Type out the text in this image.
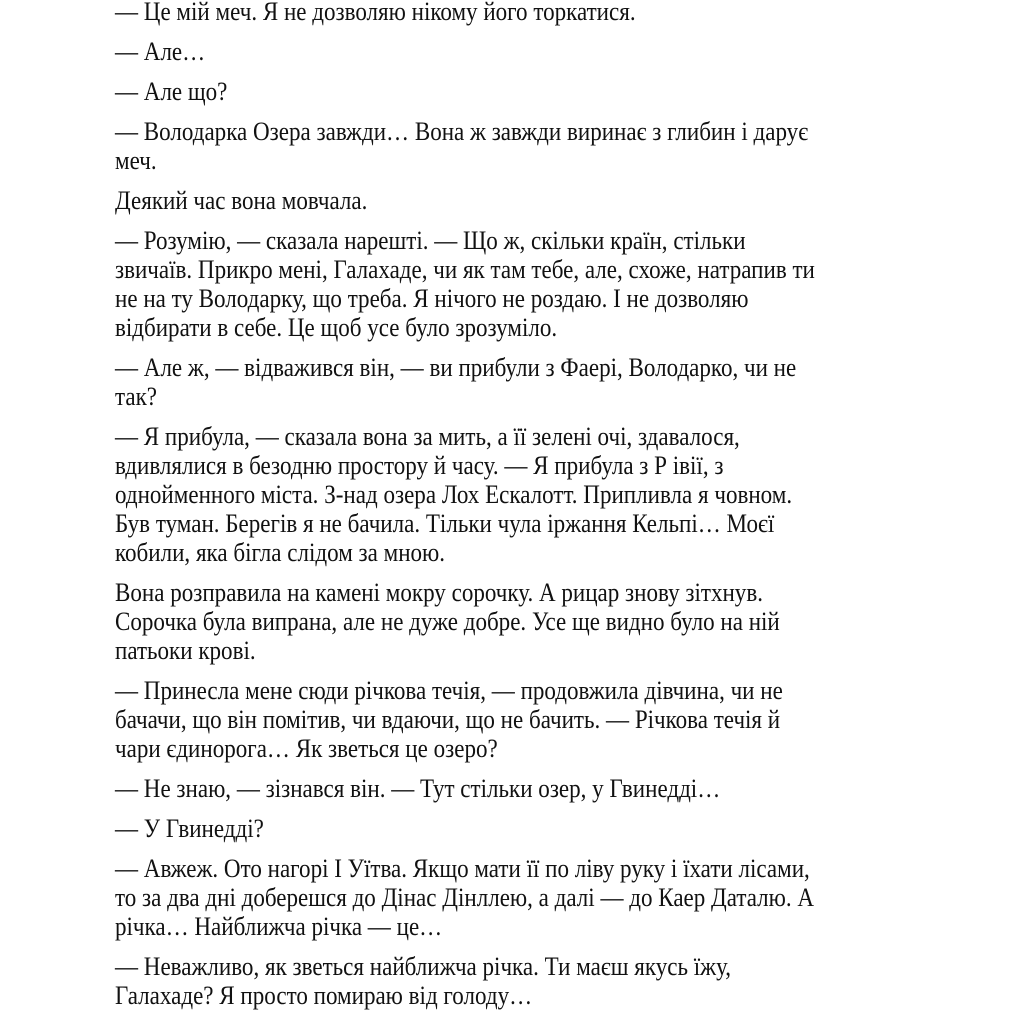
— Це мій меч. Я не дозволяю нікому його торкатися.

— Але…

— Але що?

— Володарка Озера завжди… Вона ж завжди виринає з глибин і дарує
меч.

Деякий час вона мовчала.

— Розумію, — сказала нарешті. — Що ж, скільки країн, стільки
звичаїв. Прикро мені, Галахаде, чи як там тебе, але, схоже, натрапив ти
не на ту Володарку, що треба. Я нічого не роздаю. І не дозволяю
відбирати в себе. Це щоб усе було зрозуміло.

— Але ж, — відважився він, — ви прибули з Фаері, Володарко, чи не
так?

— Я прибула, — сказала вона за мить, а її зелені очі, здавалося,
вдивлялися в безодню простору й часу. — Я прибула з Р івії, з
однойменного міста. З-над озера Лох Ескалотт. Припливла я човном.
Був туман. Берегів я не бачила. Тільки чула іржання Кельпі… Моєї
кобили, яка бігла слідом за мною.

Вона розправила на камені мокру сорочку. А рицар знову зітхнув.
Сорочка була випрана, але не дуже добре. Усе ще видно було на ній
патьоки крові.

— Принесла мене сюди річкова течія, — продовжила дівчина, чи не
бачачи, що він помітив, чи вдаючи, що не бачить. — Річкова течія й
чари єдинорога… Як зветься це озеро?

— Не знаю, — зізнався він. — Тут стільки озер, у Гвинедді…

— У Гвинедді?

— Авжеж. Ото нагорі І Уїтва. Якщо мати її по ліву руку і їхати лісами,
то за два дні доберешся до Дінас Дінллею, а далі — до Каер Даталю. А
річка… Найближча річка — це…

— Неважливо, як зветься найближча річка. Ти маєш якусь їжу,
Галахаде? Я просто помираю від голоду…
